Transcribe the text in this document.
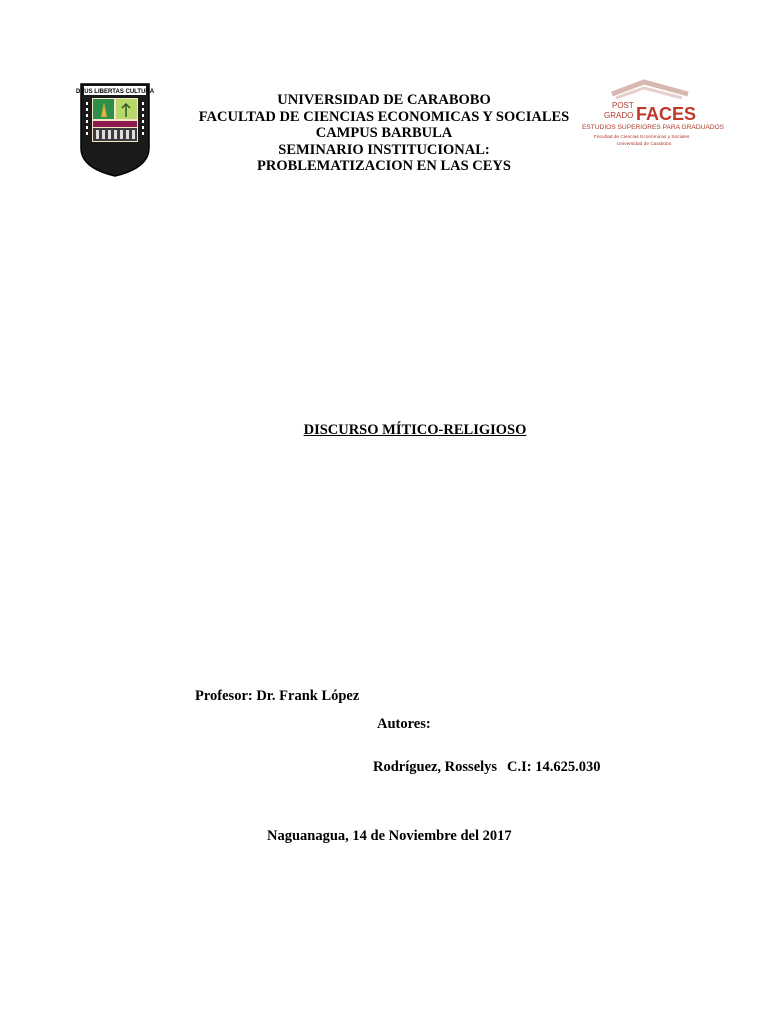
DEUS LIBERTAS CULTURA	UNIVERSIDAD DE CARABOBO
FACULTAD DE CIENCIAS ECONOMICAS Y SOCIALES
CAMPUS BARBULA
SEMINARIO INSTITUCIONAL:
PROBLEMATIZACION EN LAS CEYS
POST
GRADO FACES
ESTUDIOS SUPERIORES PARA GRADUADOS
Facultad de Ciencias Económicas y Sociales
Universidad de Carabobo
DISCURSO MÍTICO-RELIGIOSO
Profesor: Dr. Frank López
Autores:
Rodríguez, Rosselys C.I: 14.625.030
Naguanagua, 14 de Noviembre del 2017
